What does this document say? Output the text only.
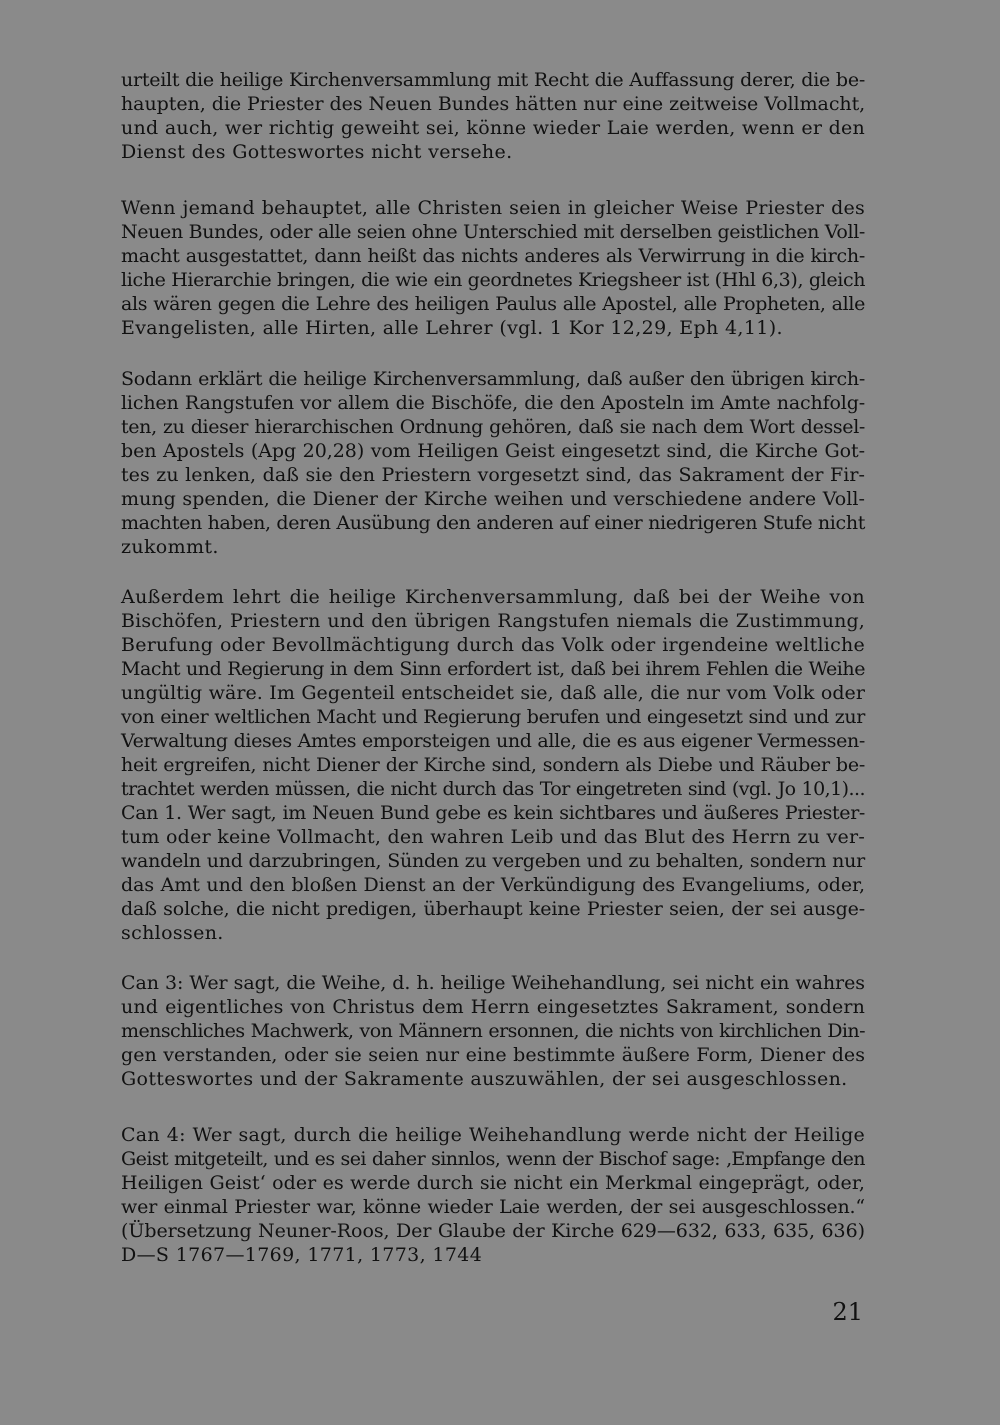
urteilt die heilige Kirchenversammlung mit Recht die Auffassung derer, die be-
haupten, die Priester des Neuen Bundes hätten nur eine zeitweise Vollmacht,
und auch, wer richtig geweiht sei, könne wieder Laie werden, wenn er den
Dienst des Gotteswortes nicht versehe.
Wenn jemand behauptet, alle Christen seien in gleicher Weise Priester des
Neuen Bundes, oder alle seien ohne Unterschied mit derselben geistlichen Voll-
macht ausgestattet, dann heißt das nichts anderes als Verwirrung in die kirch-
liche Hierarchie bringen, die wie ein geordnetes Kriegsheer ist (Hhl 6,3), gleich
als wären gegen die Lehre des heiligen Paulus alle Apostel, alle Propheten, alle
Evangelisten, alle Hirten, alle Lehrer (vgl. 1 Kor 12,29, Eph 4,11).
Sodann erklärt die heilige Kirchenversammlung, daß außer den übrigen kirch-
lichen Rangstufen vor allem die Bischöfe, die den Aposteln im Amte nachfolg-
ten, zu dieser hierarchischen Ordnung gehören, daß sie nach dem Wort dessel-
ben Apostels (Apg 20,28) vom Heiligen Geist eingesetzt sind, die Kirche Got-
tes zu lenken, daß sie den Priestern vorgesetzt sind, das Sakrament der Fir-
mung spenden, die Diener der Kirche weihen und verschiedene andere Voll-
machten haben, deren Ausübung den anderen auf einer niedrigeren Stufe nicht
zukommt.
Außerdem lehrt die heilige Kirchenversammlung, daß bei der Weihe von
Bischöfen, Priestern und den übrigen Rangstufen niemals die Zustimmung,
Berufung oder Bevollmächtigung durch das Volk oder irgendeine weltliche
Macht und Regierung in dem Sinn erfordert ist, daß bei ihrem Fehlen die Weihe
ungültig wäre. Im Gegenteil entscheidet sie, daß alle, die nur vom Volk oder
von einer weltlichen Macht und Regierung berufen und eingesetzt sind und zur
Verwaltung dieses Amtes emporsteigen und alle, die es aus eigener Vermessen-
heit ergreifen, nicht Diener der Kirche sind, sondern als Diebe und Räuber be-
trachtet werden müssen, die nicht durch das Tor eingetreten sind (vgl. Jo 10,1)...
Can 1. Wer sagt, im Neuen Bund gebe es kein sichtbares und äußeres Priester-
tum oder keine Vollmacht, den wahren Leib und das Blut des Herrn zu ver-
wandeln und darzubringen, Sünden zu vergeben und zu behalten, sondern nur
das Amt und den bloßen Dienst an der Verkündigung des Evangeliums, oder,
daß solche, die nicht predigen, überhaupt keine Priester seien, der sei ausge-
schlossen.
Can 3: Wer sagt, die Weihe, d. h. heilige Weihehandlung, sei nicht ein wahres
und eigentliches von Christus dem Herrn eingesetztes Sakrament, sondern
menschliches Machwerk, von Männern ersonnen, die nichts von kirchlichen Din-
gen verstanden, oder sie seien nur eine bestimmte äußere Form, Diener des
Gotteswortes und der Sakramente auszuwählen, der sei ausgeschlossen.
Can 4: Wer sagt, durch die heilige Weihehandlung werde nicht der Heilige
Geist mitgeteilt, und es sei daher sinnlos, wenn der Bischof sage: ‚Empfange den
Heiligen Geist‘ oder es werde durch sie nicht ein Merkmal eingeprägt, oder,
wer einmal Priester war, könne wieder Laie werden, der sei ausgeschlossen.“
(Übersetzung Neuner-Roos, Der Glaube der Kirche 629—632, 633, 635, 636)
D—S 1767—1769, 1771, 1773, 1744
21
